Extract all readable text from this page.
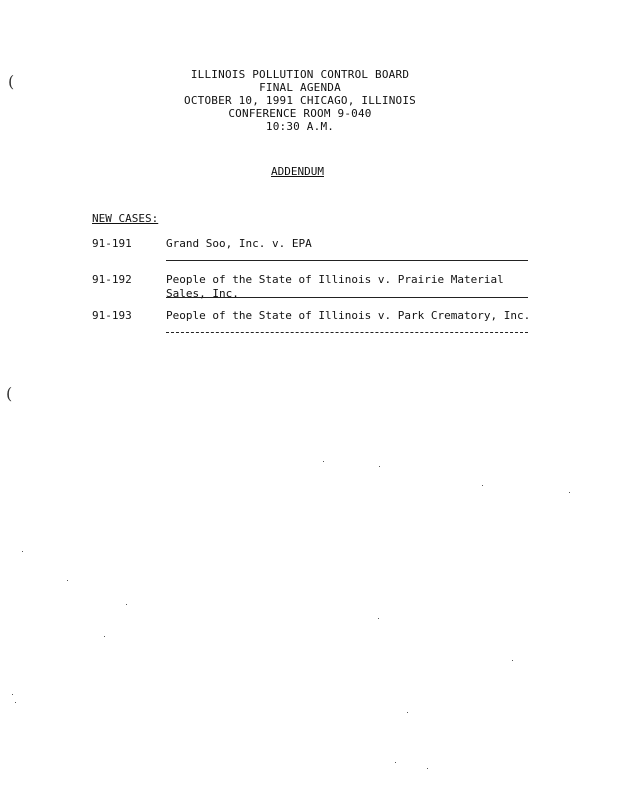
ILLINOIS POLLUTION CONTROL BOARD
FINAL AGENDA
OCTOBER 10, 1991 CHICAGO, ILLINOIS
CONFERENCE ROOM 9-040
10:30 A.M.
ADDENDUM
NEW CASES:
91-191	Grand Soo, Inc. v. EPA
91-192	People of the State of Illinois v. Prairie Material Sales, Inc.
91-193	People of the State of Illinois v. Park Crematory, Inc.
(
(
